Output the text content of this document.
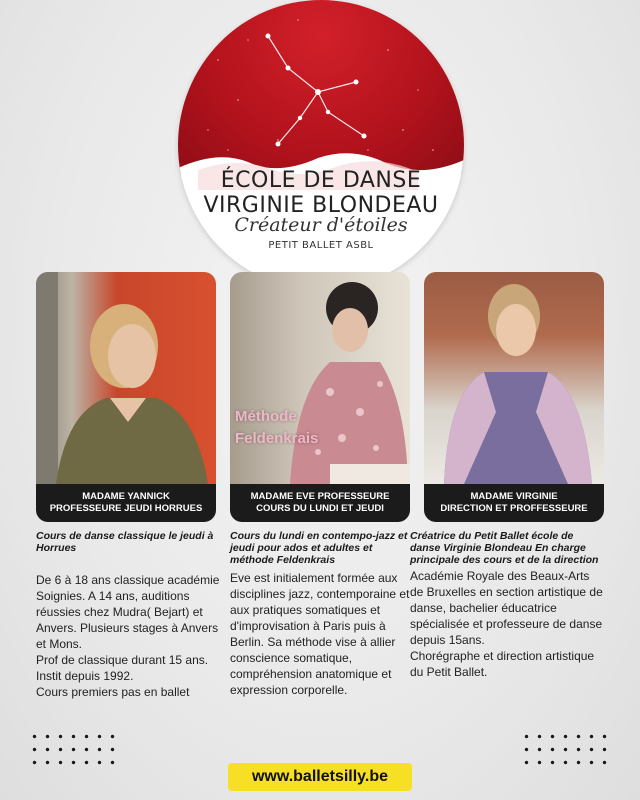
ÉCOLE DE DANSE
VIRGINIE BLONDEAU
Créateur d'étoiles
PETIT BALLET ASBL
MADAME YANNICK
PROFESSEURE JEUDI HORRUES
Méthode
Feldenkrais
MADAME EVE PROFESSEURE
COURS DU LUNDI ET JEUDI
MADAME VIRGINIE
DIRECTION ET PROFFESSEURE
Cours de danse classique le jeudi à Horrues

De 6 à 18 ans classique académie Soignies. A 14 ans, auditions réussies chez Mudra( Bejart) et Anvers. Plusieurs stages à Anvers et Mons.

Prof de classique durant 15 ans. Instit depuis 1992.

Cours premiers pas en ballet

Cours du lundi en contempo-jazz et jeudi pour ados et adultes et méthode Feldenkrais

Eve est initialement formée aux disciplines jazz, contemporaine et aux pratiques somatiques et d'improvisation à Paris puis à Berlin. Sa méthode vise à allier conscience somatique, compréhension anatomique et expression corporelle.

Créatrice du Petit Ballet école de danse Virginie Blondeau En charge principale des cours et de la direction

Académie Royale des Beaux-Arts de Bruxelles en section artistique de danse, bachelier éducatrice spécialisée et professeure de danse depuis 15ans.

Chorégraphe et direction artistique du Petit Ballet.

www.balletsilly.be
